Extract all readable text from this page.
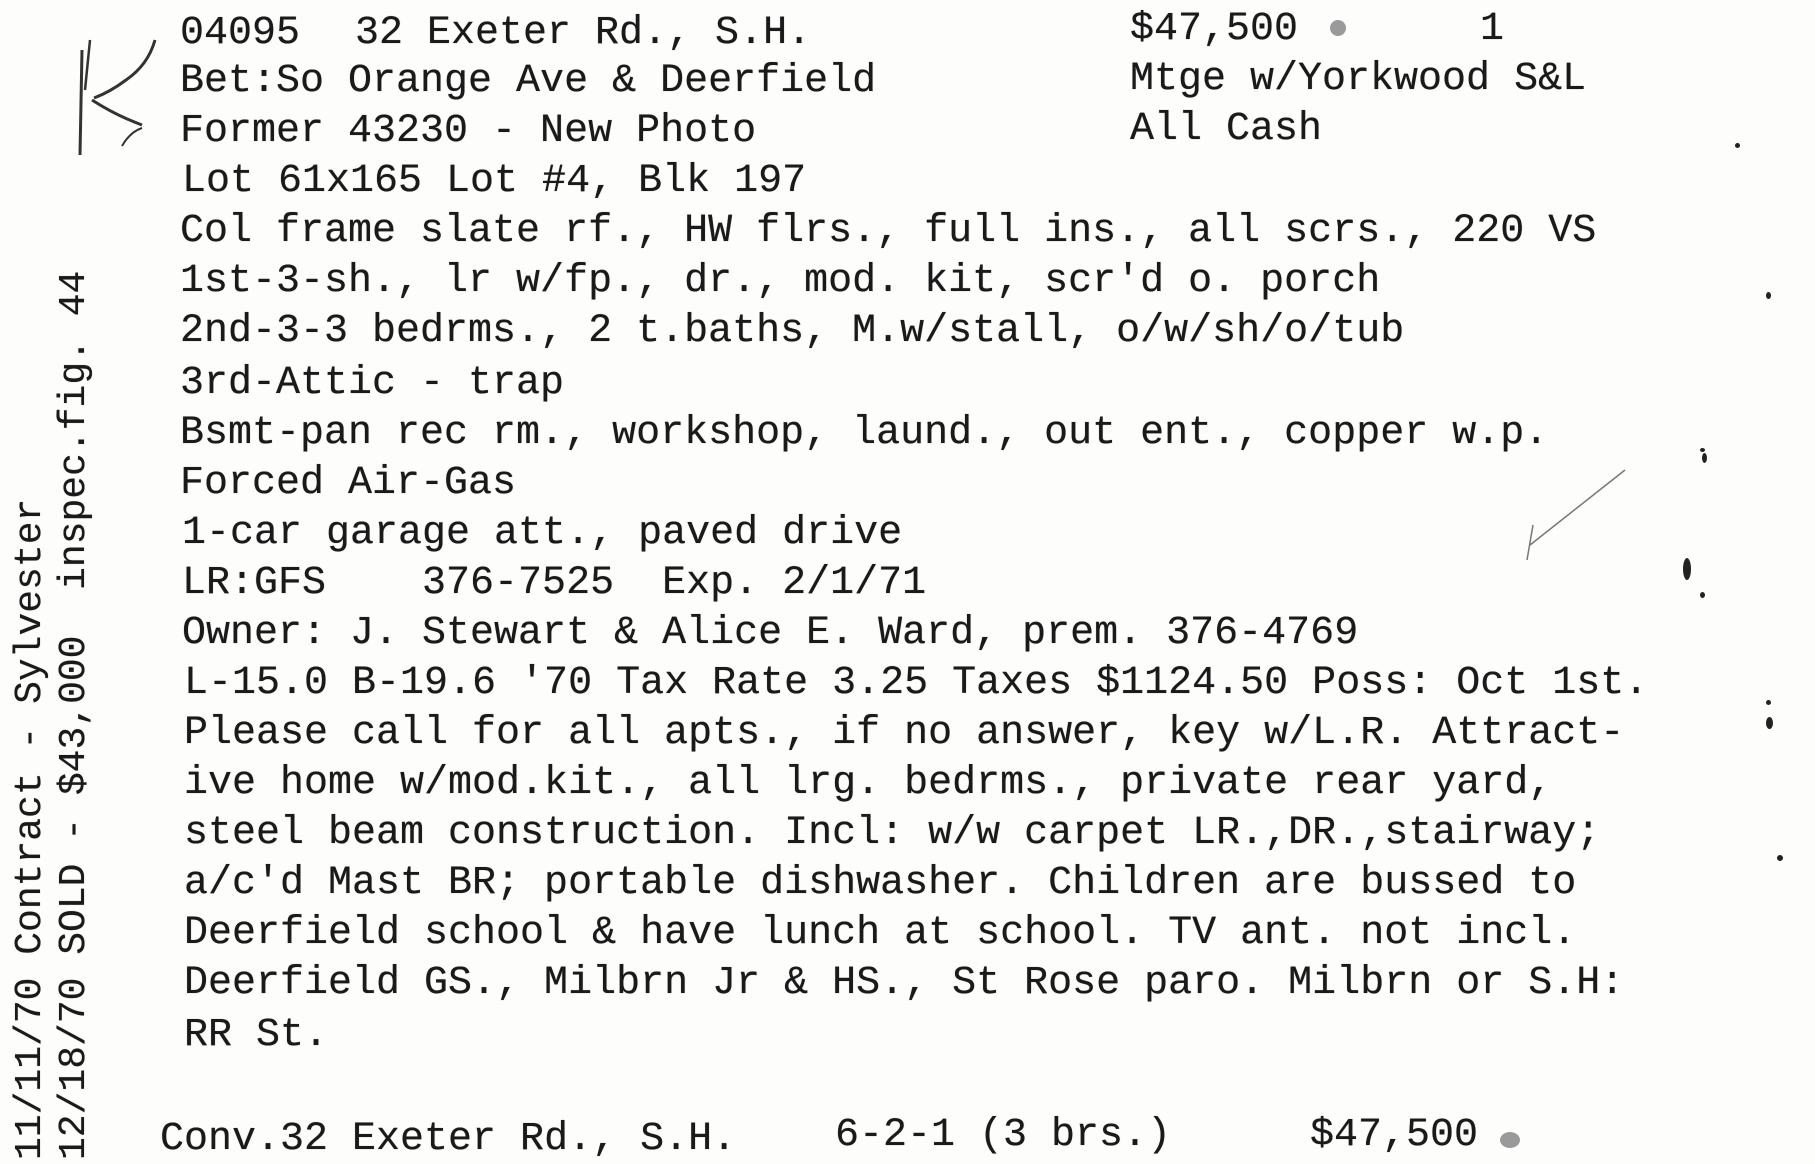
04095 32 Exeter Rd., S.H.
Bet:So Orange Ave & Deerfield
Former 43230 - New Photo
Lot 61x165 Lot #4, Blk 197
$47,500	1
Mtge w/Yorkwood S&L
All Cash
Col frame slate rf., HW flrs., full ins., all scrs., 220 VS
1st-3-sh., lr w/fp., dr., mod. kit, scr'd o. porch
2nd-3-3 bedrms., 2 t.baths, M.w/stall, o/w/sh/o/tub
3rd-Attic - trap
Bsmt-pan rec rm., workshop, laund., out ent., copper w.p.
Forced Air-Gas
1-car garage att., paved drive
LR:GFS    376-7525  Exp. 2/1/71
Owner: J. Stewart & Alice E. Ward, prem. 376-4769
L-15.0 B-19.6 '70 Tax Rate 3.25 Taxes $1124.50 Poss: Oct 1st.
Please call for all apts., if no answer, key w/L.R. Attract-
ive home w/mod.kit., all lrg. bedrms., private rear yard,
steel beam construction. Incl: w/w carpet LR.,DR.,stairway;
a/c'd Mast BR; portable dishwasher. Children are bussed to
Deerfield school & have lunch at school. TV ant. not incl.
Deerfield GS., Milbrn Jr & HS., St Rose paro. Milbrn or S.H:
RR St.
Conv.32 Exeter Rd., S.H. 6-2-1 (3 brs.)	$47,500
11/11/70 Contract - Sylvester 12/18/70 SOLD - $43,000  inspec.fig. 44
